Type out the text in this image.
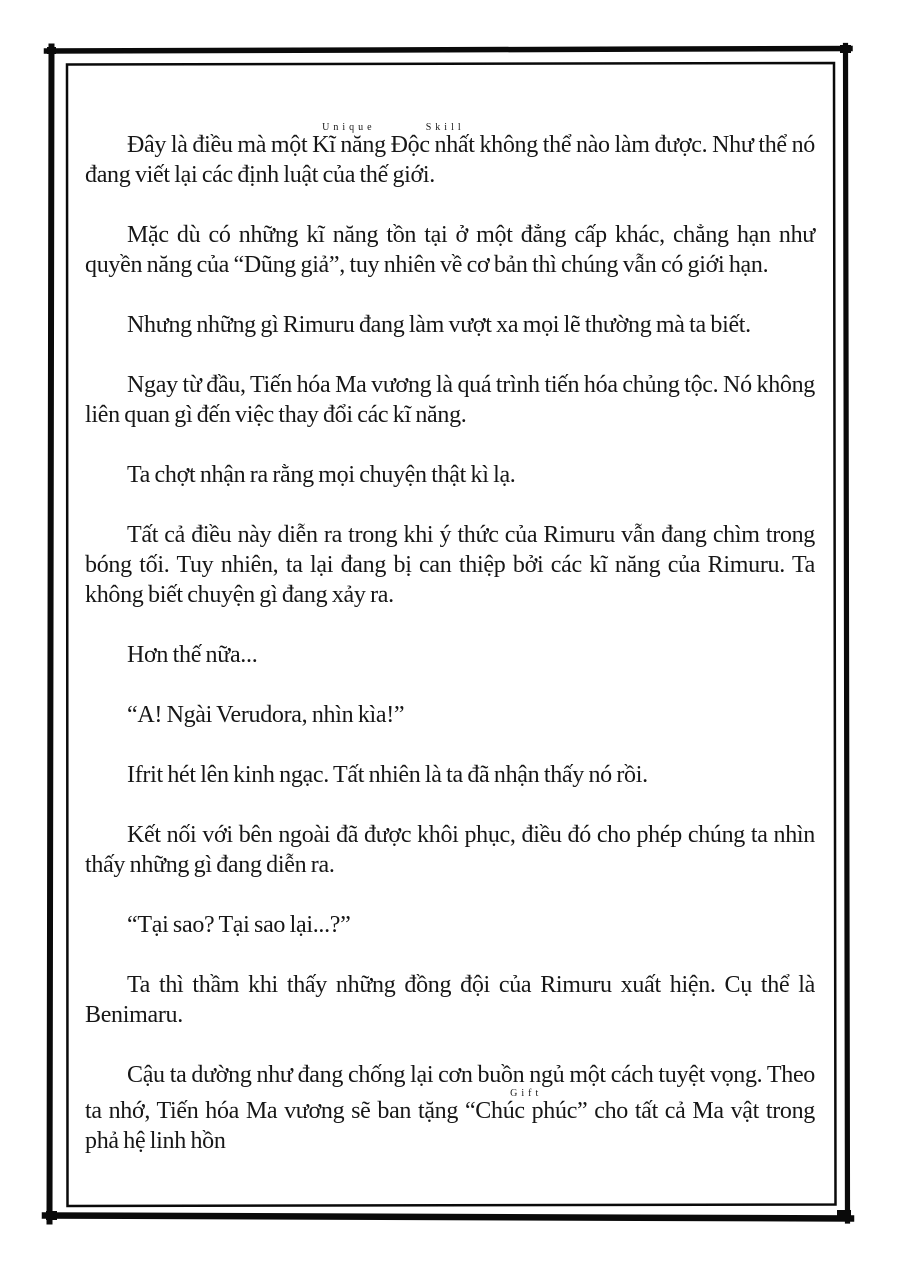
Đây là điều mà một Kĩ năng Độc nhấtUnique Skill không thể nào làm được. Như thể nó đang viết lại các định luật của thế giới.

Mặc dù có những kĩ năng tồn tại ở một đẳng cấp khác, chẳng hạn như quyền năng của “Dũng giả”, tuy nhiên về cơ bản thì chúng vẫn có giới hạn.

Nhưng những gì Rimuru đang làm vượt xa mọi lẽ thường mà ta biết.

Ngay từ đầu, Tiến hóa Ma vương là quá trình tiến hóa chủng tộc. Nó không liên quan gì đến việc thay đổi các kĩ năng.

Ta chợt nhận ra rằng mọi chuyện thật kì lạ.

Tất cả điều này diễn ra trong khi ý thức của Rimuru vẫn đang chìm trong bóng tối. Tuy nhiên, ta lại đang bị can thiệp bởi các kĩ năng của Rimuru. Ta không biết chuyện gì đang xảy ra.

Hơn thế nữa...

“A! Ngài Verudora, nhìn kìa!”

Ifrit hét lên kinh ngạc. Tất nhiên là ta đã nhận thấy nó rồi.

Kết nối với bên ngoài đã được khôi phục, điều đó cho phép chúng ta nhìn thấy những gì đang diễn ra.

“Tại sao? Tại sao lại...?”

Ta thì thầm khi thấy những đồng đội của Rimuru xuất hiện. Cụ thể là Benimaru.

Cậu ta dường như đang chống lại cơn buồn ngủ một cách tuyệt vọng. Theo ta nhớ, Tiến hóa Ma vương sẽ ban tặng “Chúc phúc”Gift cho tất cả Ma vật trong phả hệ linh hồn
